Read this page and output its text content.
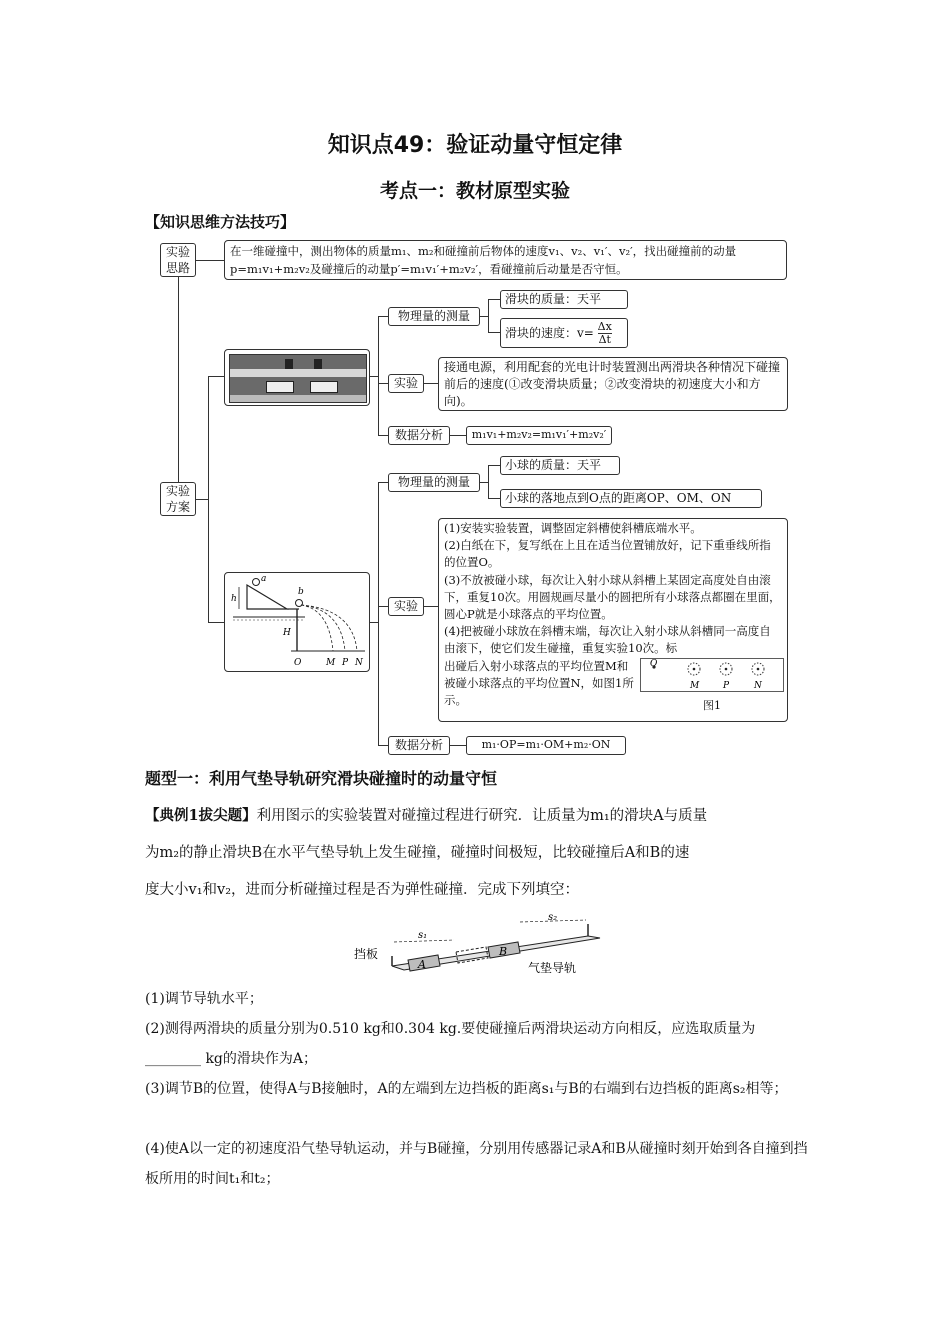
知识点49：验证动量守恒定律
考点一：教材原型实验
【知识思维方法技巧】
实验思路
在一维碰撞中，测出物体的质量m₁、m₂和碰撞前后物体的速度v₁、v₂、v₁′、v₂′，找出碰撞前的动量p=m₁v₁+m₂v₂及碰撞后的动量p′=m₁v₁′+m₂v₂′，看碰撞前后动量是否守恒。
实验方案
物理量的测量
滑块的质量：天平
滑块的速度：$v= \frac{\Delta x}{\Delta t}$
实验
接通电源，利用配套的光电计时装置测出两滑块各种情况下碰撞前后的速度(①改变滑块质量；②改变滑块的初速度大小和方向)。
数据分析	m₁v₁+m₂v₂=m₁v₁′+m₂v₂′
a
b
h
H
O	M P N
物理量的测量
小球的质量：天平
小球的落地点到O点的距离OP、OM、ON
实验
(1)安装实验装置，调整固定斜槽使斜槽底端水平。
(2)白纸在下，复写纸在上且在适当位置铺放好，记下重垂线所指的位置O。
(3)不放被碰小球，每次让入射小球从斜槽上某固定高度处自由滚下，重复10次。用圆规画尽量小的圆把所有小球落点都圈在里面，圆心P就是小球落点的平均位置。
(4)把被碰小球放在斜槽末端，每次让入射小球从斜槽同一高度自由滚下，使它们发生碰撞，重复实验10次。标
出碰后入射小球落点的平均位置M和被碰小球落点的平均位置N，如图1所示。
O
M	P	N
图1
数据分析	m₁·OP=m₁·OM+m₂·ON
题型一：利用气垫导轨研究滑块碰撞时的动量守恒
【典例1拔尖题】利用图示的实验装置对碰撞过程进行研究．让质量为m₁的滑块A与质量
为m₂的静止滑块B在水平气垫导轨上发生碰撞，碰撞时间极短，比较碰撞后A和B的速
度大小v₁和v₂，进而分析碰撞过程是否为弹性碰撞．完成下列填空：
A
B
s₁
s₂
挡板
气垫导轨
(1)调节导轨水平；
(2)测得两滑块的质量分别为0.510 kg和0.304 kg.要使碰撞后两滑块运动方向相反，应选取质量为________ kg的滑块作为A；
(3)调节B的位置，使得A与B接触时，A的左端到左边挡板的距离s₁与B的右端到右边挡板的距离s₂相等；
(4)使A以一定的初速度沿气垫导轨运动，并与B碰撞，分别用传感器记录A和B从碰撞时刻开始到各自撞到挡板所用的时间t₁和t₂；
